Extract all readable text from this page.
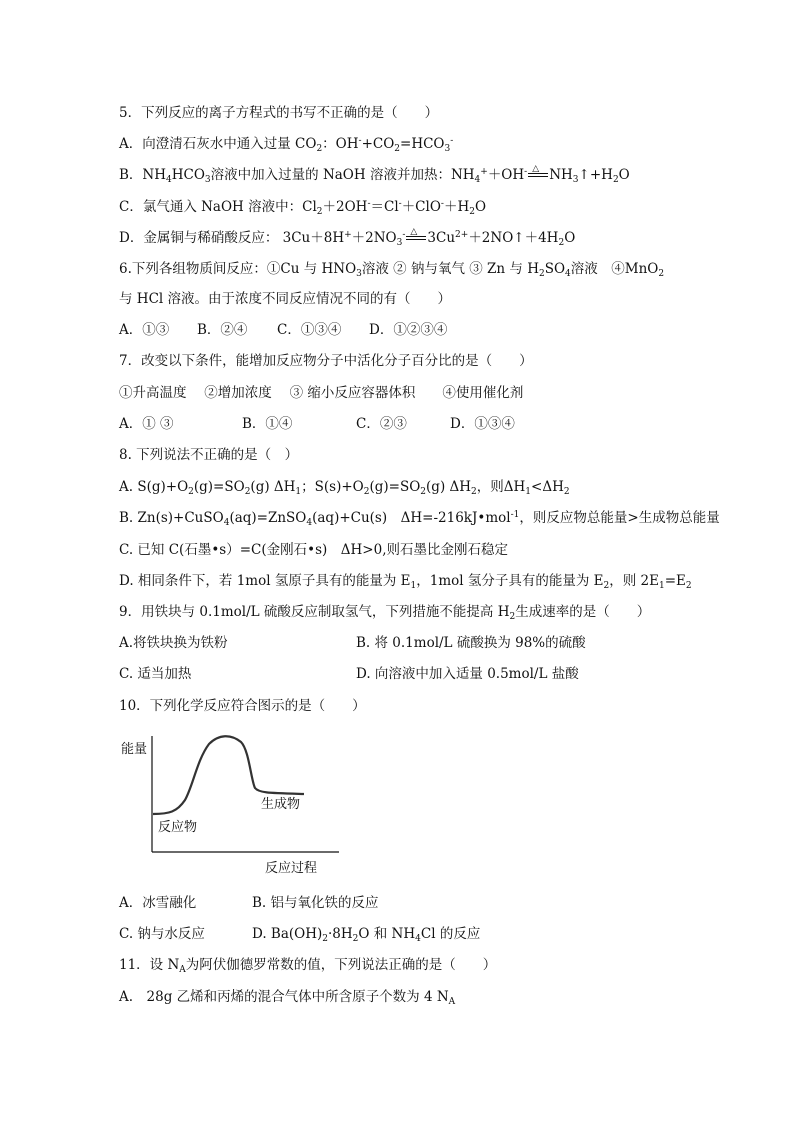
5．下列反应的离子方程式的书写不正确的是（　　）
A．向澄清石灰水中通入过量 $CO_2$：$OH^-+CO_2=HCO_3^-$
B．$NH_4HCO_3$溶液中加入过量的 NaOH 溶液并加热：$NH_4^++OH^-$ △ $NH_3↑+H_2O$
C．氯气通入 NaOH 溶液中：$Cl_2+2OH^-=Cl^-+ClO^-+H_2O$
D．金属铜与稀硝酸反应： $3Cu+8H^++2NO_3^-$ △ $3Cu^{2+}+2NO↑+4H_2O$
6.下列各组物质间反应：①Cu 与 $HNO_3$溶液 ② 钠与氧气 ③ Zn 与 $H_2SO_4$溶液　④MnO$_2$
与 HCl 溶液。由于浓度不同反应情况不同的有（　　）
A．①③ B．②④ C．①③④ D．①②③④
7．改变以下条件，能增加反应物分子中活化分子百分比的是（　　）
①升高温度　 ②增加浓度　 ③ 缩小反应容器体积　　④使用催化剂
A．① ③	B．①④	C．②③	D．①③④
8. 下列说法不正确的是（　）
A. $S(g)+O_2(g)=SO_2(g)$ $\Delta H_1$；$S(s)+O_2(g)=SO_2(g)$ $\Delta H_2$，则$\Delta H_1<\Delta H_2$
B. Zn(s)+CuSO$_4$(aq)=ZnSO$_4$(aq)+Cu(s)　ΔH=-216kJ•mol$^{-1}$，则反应物总能量>生成物总能量
C. 已知 C(石墨•s）=C(金刚石•s)　ΔH>0,则石墨比金刚石稳定
D. 相同条件下，若 1mol 氢原子具有的能量为 $E_1$，1mol 氢分子具有的能量为 $E_2$，则 $2E_1=E_2$
9．用铁块与 0.1mol/L 硫酸反应制取氢气，下列措施不能提高 $H_2$生成速率的是（　　）
A.将铁块换为铁粉	B. 将 0.1mol/L 硫酸换为 98%的硫酸
C. 适当加热	D. 向溶液中加入适量 0.5mol/L 盐酸
10．下列化学反应符合图示的是（　　）
能量
反应物
生成物
反应过程
A．冰雪融化	B. 铝与氧化铁的反应
C. 钠与水反应	D. $Ba(OH)_2\cdot 8H_2O$ 和 $NH_4Cl$ 的反应
11．设 $N_A$为阿伏伽德罗常数的值，下列说法正确的是（　　）
A.　28g 乙烯和丙烯的混合气体中所含原子个数为 4 $N_A$
